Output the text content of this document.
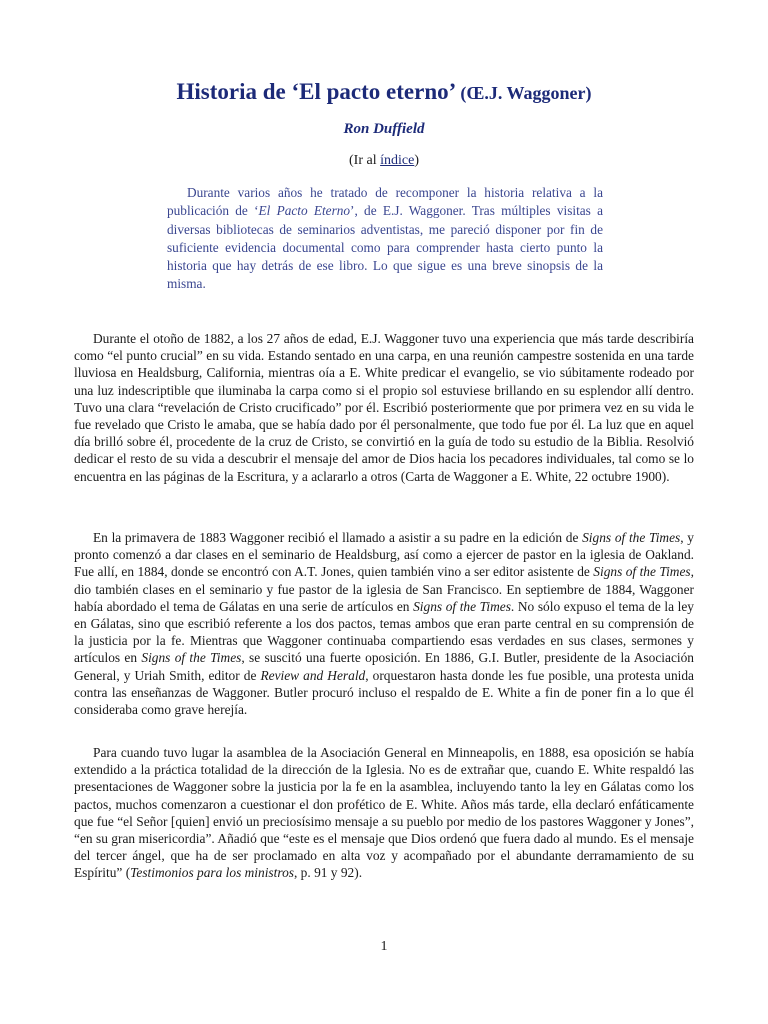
Historia de ‘El pacto eterno’ (Œ.J. Waggoner)
Ron Duffield
(Ir al índice)
Durante varios años he tratado de recomponer la historia relativa a la publicación de ‘El Pacto Eterno’, de E.J. Waggoner. Tras múltiples visitas a diversas bibliotecas de seminarios adventistas, me pareció disponer por fin de suficiente evidencia documental como para comprender hasta cierto punto la historia que hay detrás de ese libro. Lo que sigue es una breve sinopsis de la misma.

Durante el otoño de 1882, a los 27 años de edad, E.J. Waggoner tuvo una experiencia que más tarde describiría como “el punto crucial” en su vida. Estando sentado en una carpa, en una reunión campestre sostenida en una tarde lluviosa en Healdsburg, California, mientras oía a E. White predicar el evangelio, se vio súbitamente rodeado por una luz indescriptible que iluminaba la carpa como si el propio sol estuviese brillando en su esplendor allí dentro. Tuvo una clara “revelación de Cristo crucificado” por él. Escribió posteriormente que por primera vez en su vida le fue revelado que Cristo le amaba, que se había dado por él personalmente, que todo fue por él. La luz que en aquel día brilló sobre él, procedente de la cruz de Cristo, se convirtió en la guía de todo su estudio de la Biblia. Resolvió dedicar el resto de su vida a descubrir el mensaje del amor de Dios hacia los pecadores individuales, tal como se lo encuentra en las páginas de la Escritura, y a aclararlo a otros (Carta de Waggoner a E. White, 22 octubre 1900).

En la primavera de 1883 Waggoner recibió el llamado a asistir a su padre en la edición de Signs of the Times, y pronto comenzó a dar clases en el seminario de Healdsburg, así como a ejercer de pastor en la iglesia de Oakland. Fue allí, en 1884, donde se encontró con A.T. Jones, quien también vino a ser editor asistente de Signs of the Times, dio también clases en el seminario y fue pastor de la iglesia de San Francisco. En septiembre de 1884, Waggoner había abordado el tema de Gálatas en una serie de artículos en Signs of the Times. No sólo expuso el tema de la ley en Gálatas, sino que escribió referente a los dos pactos, temas ambos que eran parte central en su comprensión de la justicia por la fe. Mientras que Waggoner continuaba compartiendo esas verdades en sus clases, sermones y artículos en Signs of the Times, se suscitó una fuerte oposición. En 1886, G.I. Butler, presidente de la Asociación General, y Uriah Smith, editor de Review and Herald, orquestaron hasta donde les fue posible, una protesta unida contra las enseñanzas de Waggoner. Butler procuró incluso el respaldo de E. White a fin de poner fin a lo que él consideraba como grave herejía.

Para cuando tuvo lugar la asamblea de la Asociación General en Minneapolis, en 1888, esa oposición se había extendido a la práctica totalidad de la dirección de la Iglesia. No es de extrañar que, cuando E. White respaldó las presentaciones de Waggoner sobre la justicia por la fe en la asamblea, incluyendo tanto la ley en Gálatas como los pactos, muchos comenzaron a cuestionar el don profético de E. White. Años más tarde, ella declaró enfáticamente que fue “el Señor [quien] envió un preciosísimo mensaje a su pueblo por medio de los pastores Waggoner y Jones”, “en su gran misericordia”. Añadió que “este es el mensaje que Dios ordenó que fuera dado al mundo. Es el mensaje del tercer ángel, que ha de ser proclamado en alta voz y acompañado por el abundante derramamiento de su Espíritu” (Testimonios para los ministros, p. 91 y 92).

1
